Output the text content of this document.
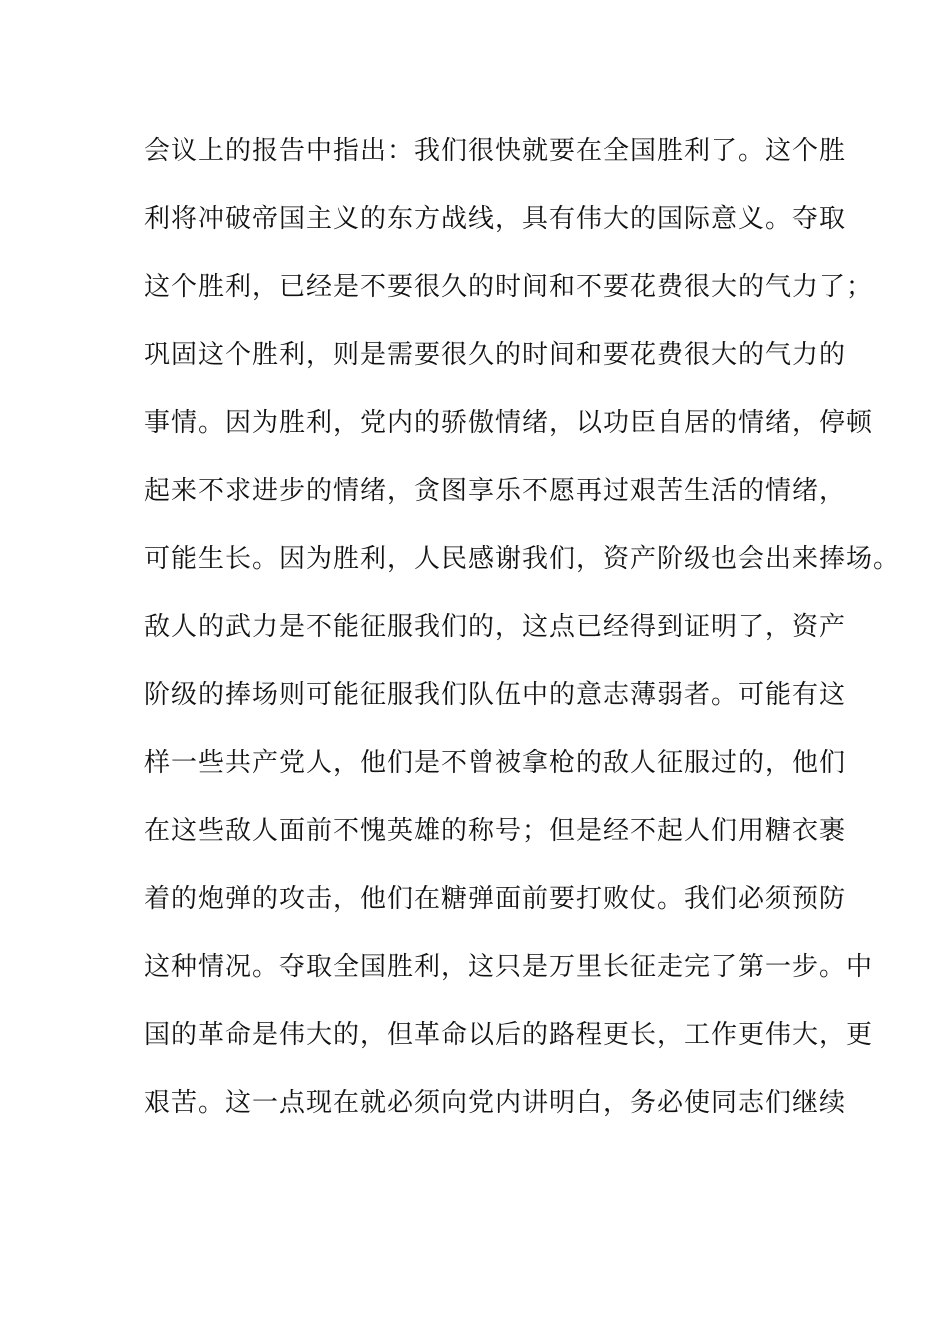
会议上的报告中指出：我们很快就要在全国胜利了。这个胜
利将冲破帝国主义的东方战线，具有伟大的国际意义。夺取
这个胜利，已经是不要很久的时间和不要花费很大的气力了；
巩固这个胜利，则是需要很久的时间和要花费很大的气力的
事情。因为胜利，党内的骄傲情绪，以功臣自居的情绪，停顿
起来不求进步的情绪，贪图享乐不愿再过艰苦生活的情绪，
可能生长。因为胜利，人民感谢我们，资产阶级也会出来捧场。
敌人的武力是不能征服我们的，这点已经得到证明了，资产
阶级的捧场则可能征服我们队伍中的意志薄弱者。可能有这
样一些共产党人，他们是不曾被拿枪的敌人征服过的，他们
在这些敌人面前不愧英雄的称号；但是经不起人们用糖衣裹
着的炮弹的攻击，他们在糖弹面前要打败仗。我们必须预防
这种情况。夺取全国胜利，这只是万里长征走完了第一步。中
国的革命是伟大的，但革命以后的路程更长，工作更伟大，更
艰苦。这一点现在就必须向党内讲明白，务必使同志们继续
